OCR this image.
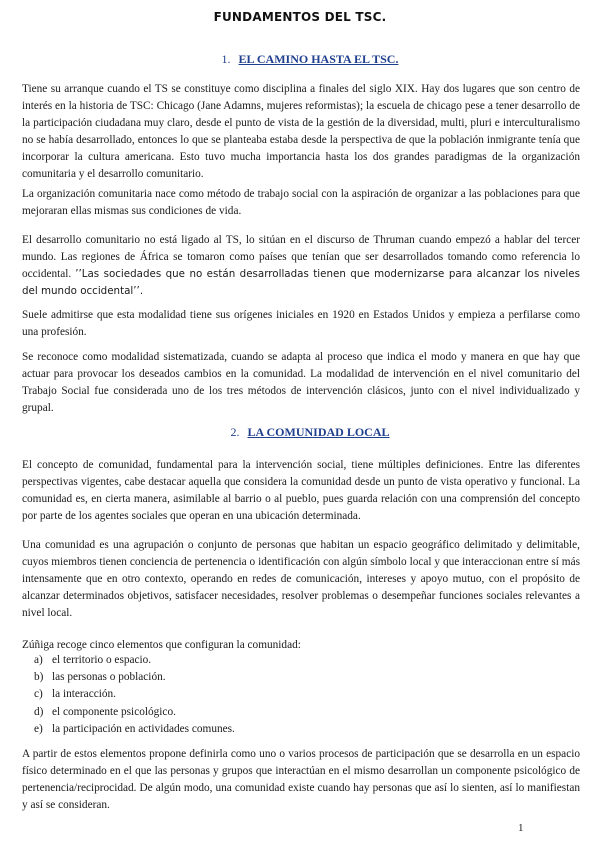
FUNDAMENTOS DEL TSC.
1. EL CAMINO HASTA EL TSC.

Tiene su arranque cuando el TS se constituye como disciplina a finales del siglo XIX. Hay dos lugares que son centro de interés en la historia de TSC: Chicago (Jane Adamns, mujeres reformistas); la escuela de chicago pese a tener desarrollo de la participación ciudadana muy claro, desde el punto de vista de la gestión de la diversidad, multi, pluri e interculturalismo no se había desarrollado, entonces lo que se planteaba estaba desde la perspectiva de que la población inmigrante tenía que incorporar la cultura americana. Esto tuvo mucha importancia hasta los dos grandes paradigmas de la organización comunitaria y el desarrollo comunitario.

La organización comunitaria nace como método de trabajo social con la aspiración de organizar a las poblaciones para que mejoraran ellas mismas sus condiciones de vida.

El desarrollo comunitario no está ligado al TS, lo sitúan en el discurso de Thruman cuando empezó a hablar del tercer mundo. Las regiones de África se tomaron como países que tenían que ser desarrollados tomando como referencia lo occidental. ’’Las sociedades que no están desarrolladas tienen que modernizarse para alcanzar los niveles del mundo occidental’’.

Suele admitirse que esta modalidad tiene sus orígenes iniciales en 1920 en Estados Unidos y empieza a perfilarse como una profesión.

Se reconoce como modalidad sistematizada, cuando se adapta al proceso que indica el modo y manera en que hay que actuar para provocar los deseados cambios en la comunidad. La modalidad de intervención en el nivel comunitario del Trabajo Social fue considerada uno de los tres métodos de intervención clásicos, junto con el nivel individualizado y grupal.

2. LA COMUNIDAD LOCAL

El concepto de comunidad, fundamental para la intervención social, tiene múltiples definiciones. Entre las diferentes perspectivas vigentes, cabe destacar aquella que considera la comunidad desde un punto de vista operativo y funcional. La comunidad es, en cierta manera, asimilable al barrio o al pueblo, pues guarda relación con una comprensión del concepto por parte de los agentes sociales que operan en una ubicación determinada.

Una comunidad es una agrupación o conjunto de personas que habitan un espacio geográfico delimitado y delimitable, cuyos miembros tienen conciencia de pertenencia o identificación con algún símbolo local y que interaccionan entre sí más intensamente que en otro contexto, operando en redes de comunicación, intereses y apoyo mutuo, con el propósito de alcanzar determinados objetivos, satisfacer necesidades, resolver problemas o desempeñar funciones sociales relevantes a nivel local.

Zúñiga recoge cinco elementos que configuran la comunidad:

a) el territorio o espacio.
b) las personas o población.
c) la interacción.
d) el componente psicológico.
e) la participación en actividades comunes.

A partir de estos elementos propone definirla como uno o varios procesos de participación que se desarrolla en un espacio físico determinado en el que las personas y grupos que interactúan en el mismo desarrollan un componente psicológico de pertenencia/reciprocidad. De algún modo, una comunidad existe cuando hay personas que así lo sienten, así lo manifiestan y así se consideran.

1
